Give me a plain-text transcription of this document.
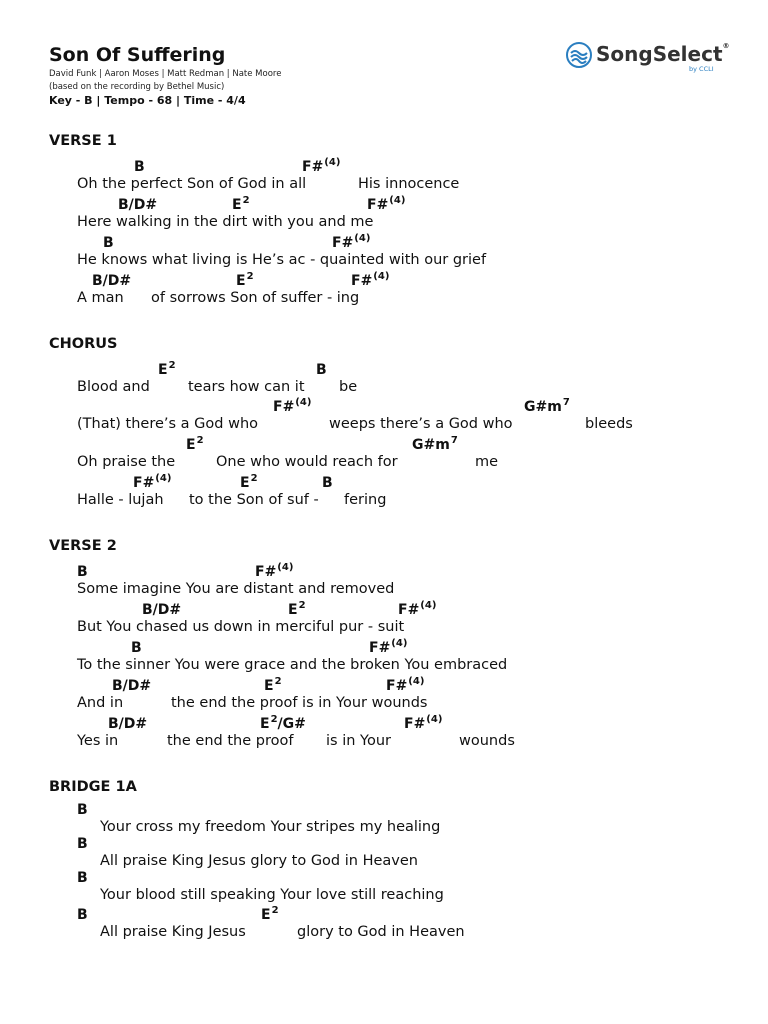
Son Of Suffering
David Funk | Aaron Moses | Matt Redman | Nate Moore
(based on the recording by Bethel Music)
Key - B | Tempo - 68 | Time - 4/4
SongSelect®
by CCLI
VERSE 1
B	F#$^{(4)}$
Oh the perfect Son of God in all	His innocence
B/D#	$E^2$	F#$^{(4)}$
Here walking in the dirt with you and me
B	F#$^{(4)}$
He knows what living is He’s ac - quainted with our grief
B/D#	$E^2$	F#$^{(4)}$
A man of sorrows Son of suffer - ing
CHORUS
$E^2$	B
Blood and	tears how can it be
F#$^{(4)}$	$G\#m^7$
(That) there’s a God who	weeps there’s a God who	bleeds
$E^2$	$G\#m^7$
Oh praise the	One who would reach for	me
F#$^{(4)}$	$E^2$	B
Halle - lujah to the Son of suf - fering
VERSE 2
B	F#$^{(4)}$
Some imagine You are distant and removed
B/D#	$E^2$	F#$^{(4)}$
But You chased us down in merciful pur - suit
B	F#$^{(4)}$
To the sinner You were grace and the broken You embraced
B/D#	$E^2$	F#$^{(4)}$
And in	the end the proof is in Your wounds
B/D#	$E^2/G\#$	F#$^{(4)}$
Yes in	the end the proof is in Your	wounds
BRIDGE 1A
B
Your cross my freedom Your stripes my healing
B
All praise King Jesus glory to God in Heaven
B
Your blood still speaking Your love still reaching
B	$E^2$
All praise King Jesus	glory to God in Heaven
